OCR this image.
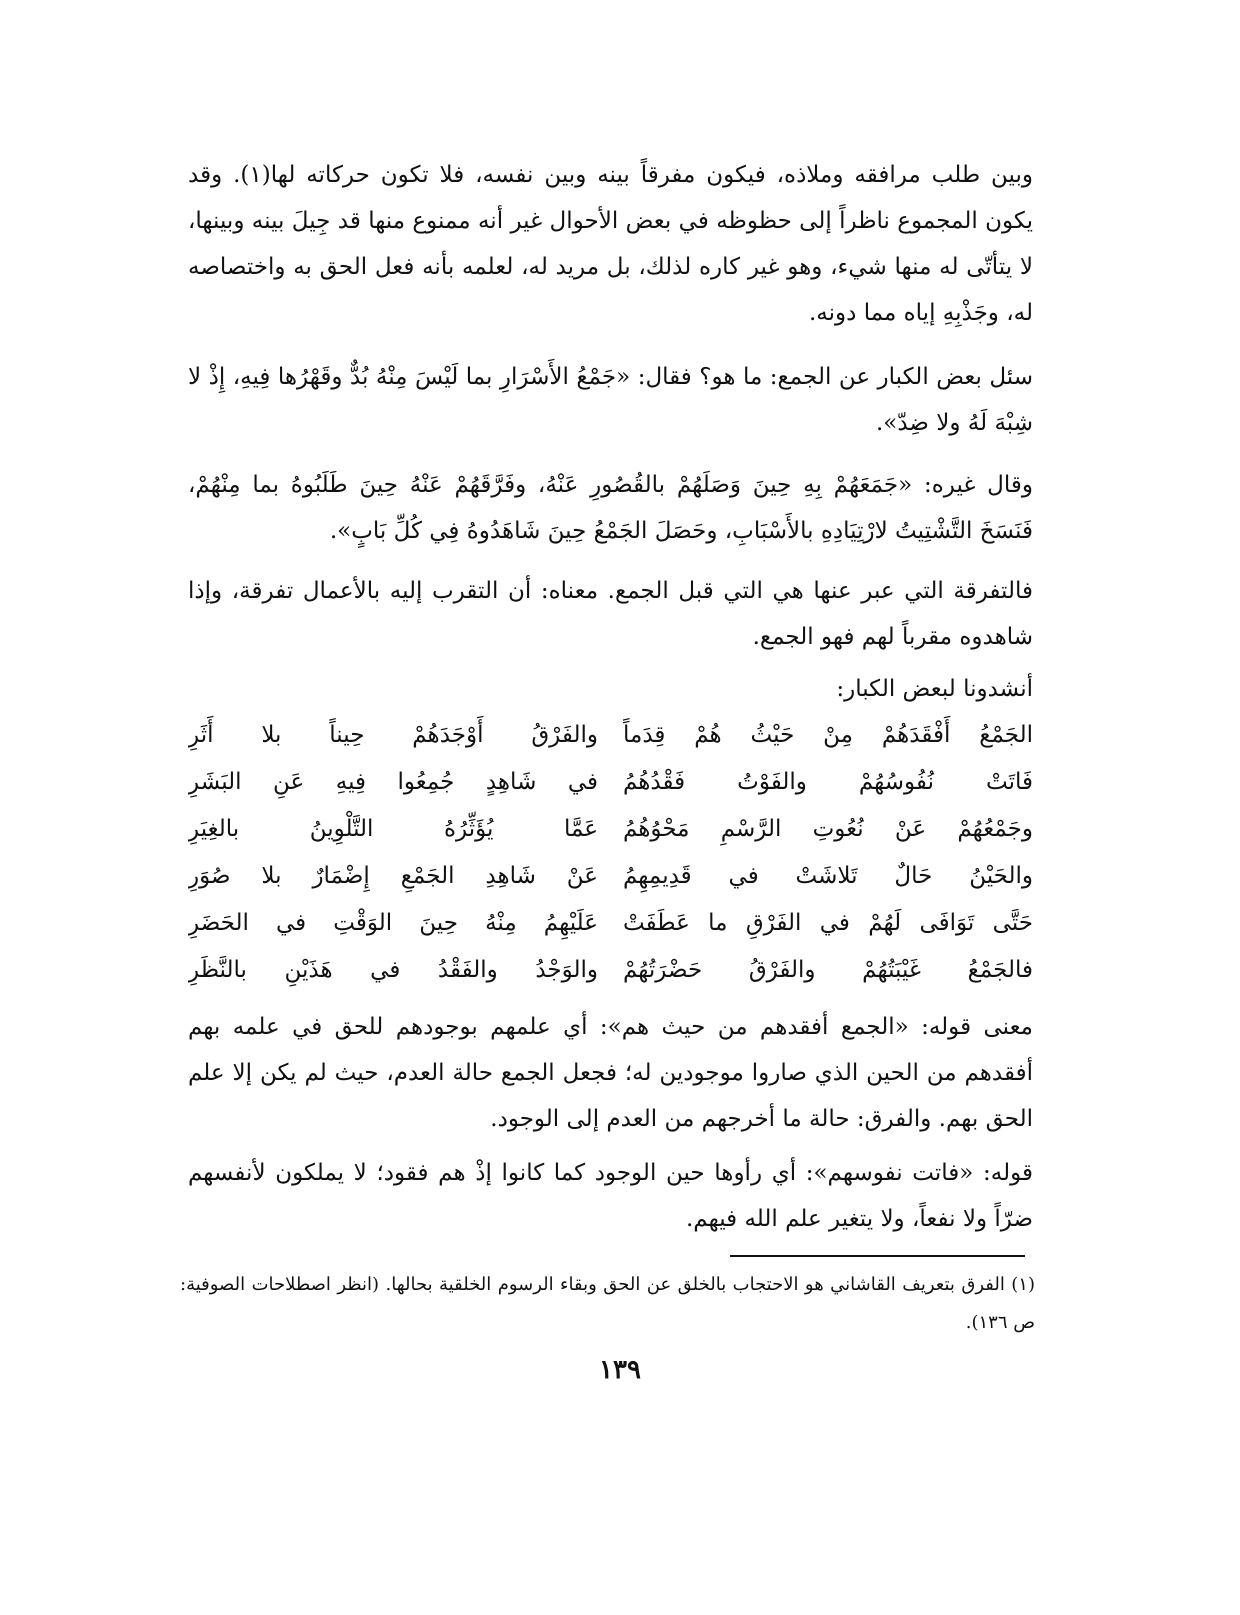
وبين طلب مرافقه وملاذه، فيكون مفرقاً بينه وبين نفسه، فلا تكون حركاته لها(١). وقد يكون المجموع ناظراً إلى حظوظه في بعض الأحوال غير أنه ممنوع منها قد جِيلَ بينه وبينها، لا يتأتّى له منها شيء، وهو غير كاره لذلك، بل مريد له، لعلمه بأنه فعل الحق به واختصاصه له، وجَذْبِهِ إياه مما دونه.

سئل بعض الكبار عن الجمع: ما هو؟ فقال: «جَمْعُ الأَسْرَارِ بما لَيْسَ مِنْهُ بُدٌّ وقَهْرُها فِيهِ، إِذْ لا شِبْهَ لَهُ ولا ضِدّ».

وقال غيره: «جَمَعَهُمْ بِهِ حِينَ وَصَلَهُمْ بالقُصُورِ عَنْهُ، وفَرَّقَهُمْ عَنْهُ حِينَ طَلَبُوهُ بما مِنْهُمْ، فَنَسَخَ التَّشْتِيتُ لارْتِيَادِهِ بالأَسْبَابِ، وحَصَلَ الجَمْعُ حِينَ شَاهَدُوهُ فِي كُلِّ بَابٍ».

فالتفرقة التي عبر عنها هي التي قبل الجمع. معناه: أن التقرب إليه بالأعمال تفرقة، وإذا شاهدوه مقرباً لهم فهو الجمع.

أنشدونا لبعض الكبار:

الجَمْعُ أَفْقَدَهُمْ مِنْ حَيْثُ هُمْ قِدَماً
والفَرْقُ أَوْجَدَهُمْ حِيناً بلا أَثَرِ
فَاتَتْ نُفُوسُهُمْ والفَوْتُ فَقْدُهُمُ
في شَاهِدٍ جُمِعُوا فِيهِ عَنِ البَشَرِ
وجَمْعُهُمْ عَنْ نُعُوتِ الرَّسْمِ مَحْوُهُمُ
عَمَّا يُؤَثِّرُهُ التَّلْوِينُ بالغِيَرِ
والحَيْنُ حَالٌ تَلاشَتْ في قَدِيمِهِمُ
عَنْ شَاهِدِ الجَمْعِ إِضْمَارٌ بلا صُوَرِ
حَتَّى تَوَافَى لَهُمْ في الفَرْقِ ما عَطَفَتْ
عَلَيْهِمُ مِنْهُ حِينَ الوَقْتِ في الحَضَرِ
فالجَمْعُ غَيْبَتُهُمْ والفَرْقُ حَضْرَتُهُمْ
والوَجْدُ والفَقْدُ في هَذَيْنِ بالنَّظَرِ

معنى قوله: «الجمع أفقدهم من حيث هم»: أي علمهم بوجودهم للحق في علمه بهم أفقدهم من الحين الذي صاروا موجودين له؛ فجعل الجمع حالة العدم، حيث لم يكن إلا علم الحق بهم. والفرق: حالة ما أخرجهم من العدم إلى الوجود.

قوله: «فاتت نفوسهم»: أي رأوها حين الوجود كما كانوا إذْ هم فقود؛ لا يملكون لأنفسهم ضرّاً ولا نفعاً، ولا يتغير علم الله فيهم.

(١) الفرق بتعريف القاشاني هو الاحتجاب بالخلق عن الحق وبقاء الرسوم الخلقية بحالها. (انظر اصطلاحات الصوفية: ص ١٣٦).

١٣٩
